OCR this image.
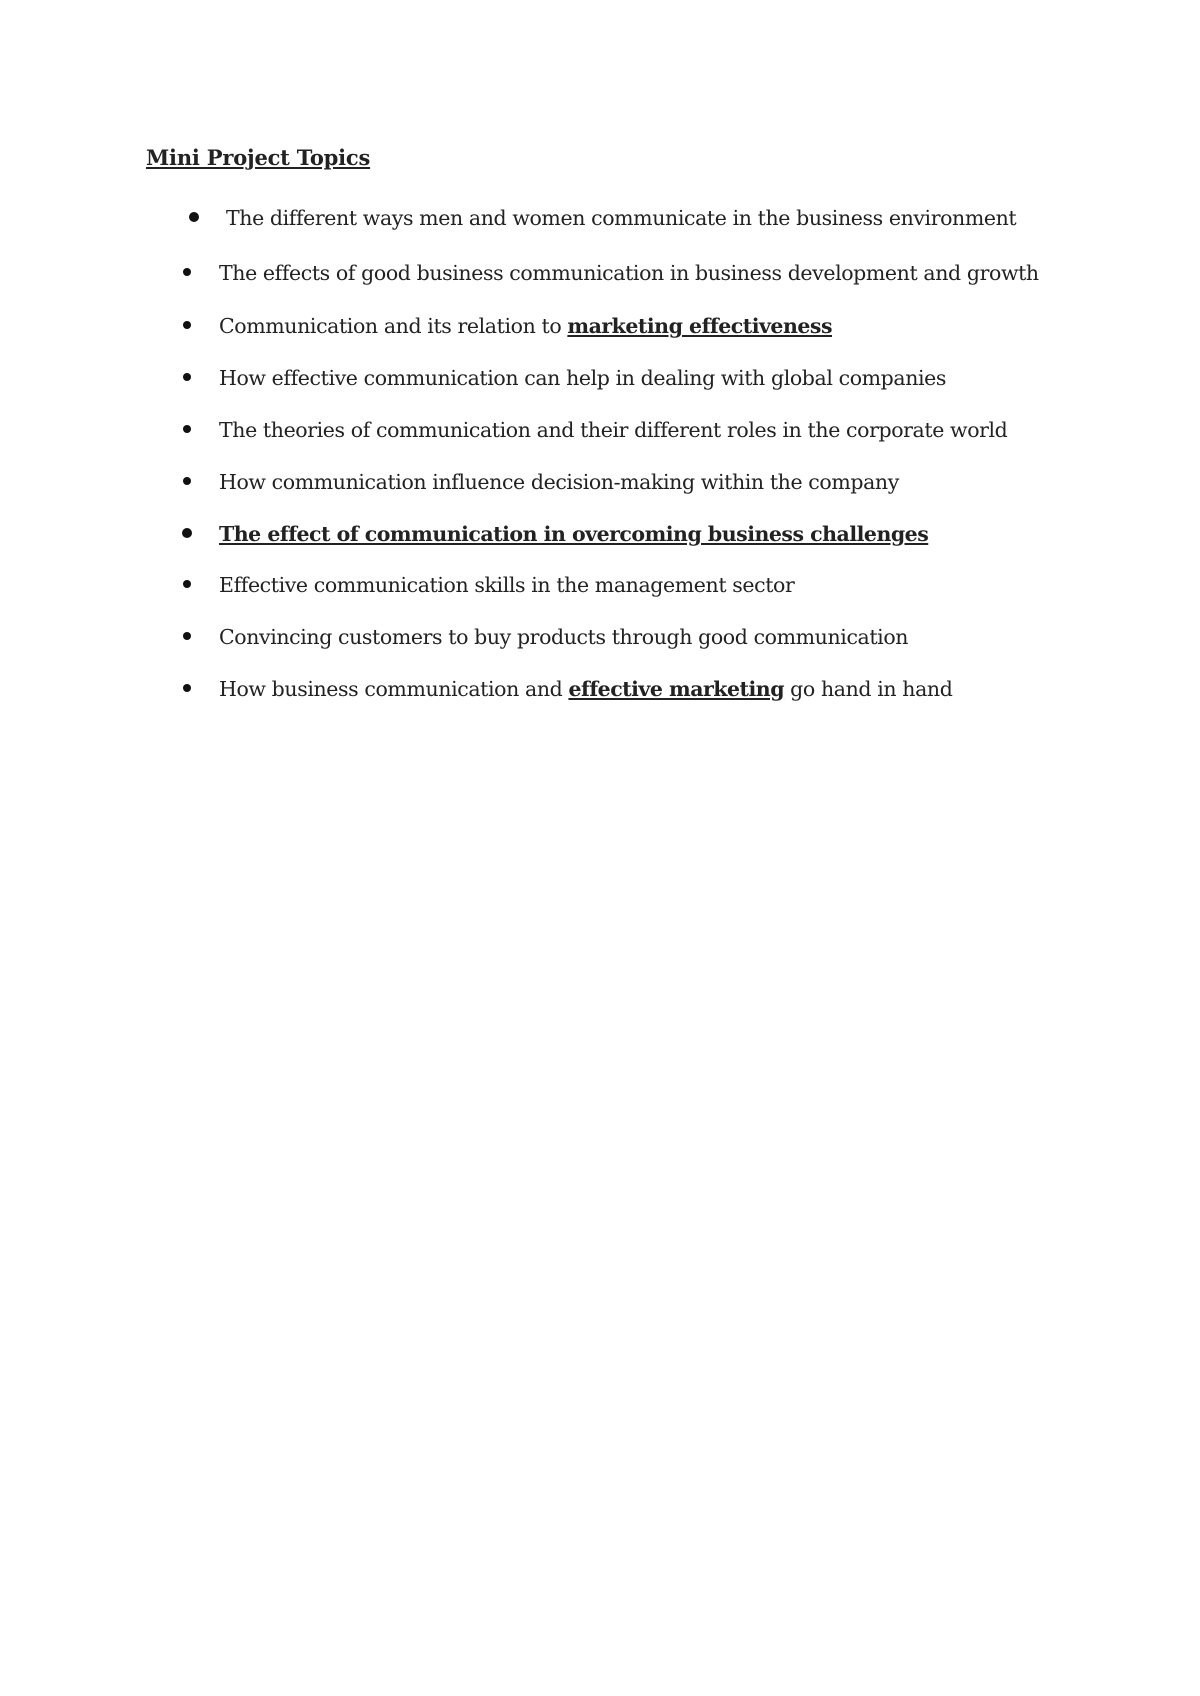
Mini Project Topics
The different ways men and women communicate in the business environment
The effects of good business communication in business development and growth
Communication and its relation to marketing effectiveness
How effective communication can help in dealing with global companies
The theories of communication and their different roles in the corporate world
How communication influence decision-making within the company
The effect of communication in overcoming business challenges
Effective communication skills in the management sector
Convincing customers to buy products through good communication
How business communication and effective marketing go hand in hand
